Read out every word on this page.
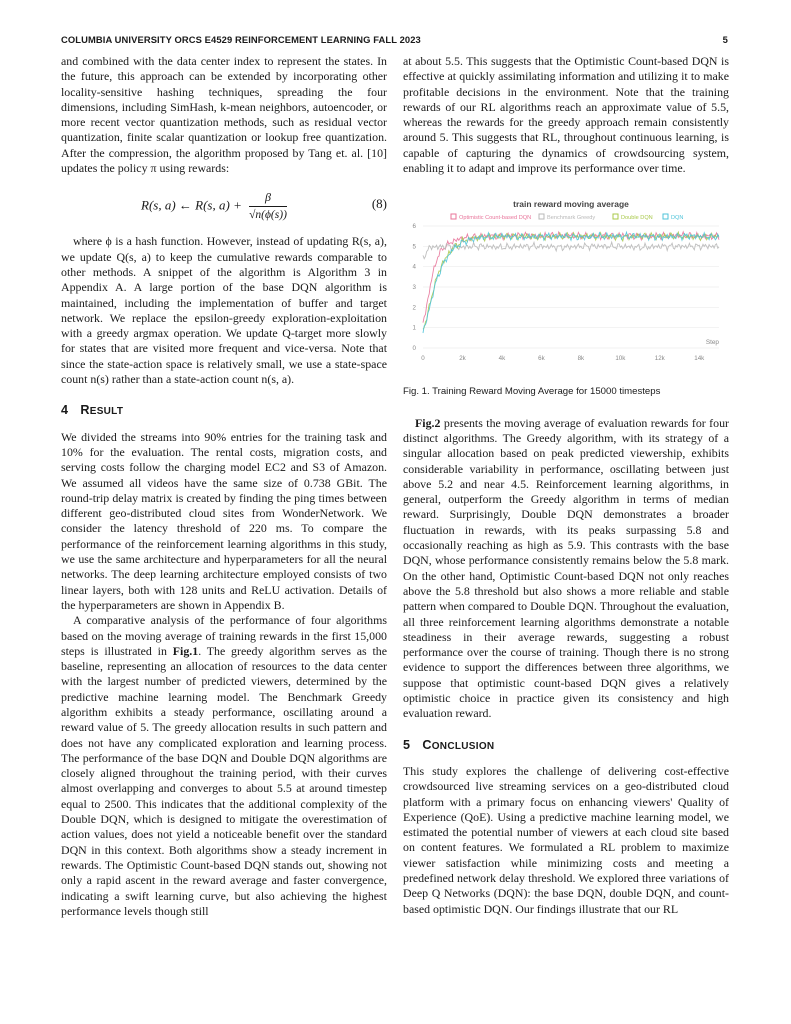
COLUMBIA UNIVERSITY ORCS E4529 REINFORCEMENT LEARNING FALL 2023	5

and combined with the data center index to represent the states. In the future, this approach can be extended by incorporating other locality-sensitive hashing techniques, spreading the four dimensions, including SimHash, k-mean neighbors, autoencoder, or more recent vector quantization methods, such as residual vector quantization, finite scalar quantization or lookup free quantization. After the compression, the algorithm proposed by Tang et. al. [10] updates the policy π using rewards:

R(s, a) ← R(s, $a) + \frac{\beta}{√n(\phi(s))}$	(8)

where ϕ is a hash function. However, instead of updating R(s, a), we update Q(s, a) to keep the cumulative rewards comparable to other methods. A snippet of the algorithm is Algorithm 3 in Appendix A. A large portion of the base DQN algorithm is maintained, including the implementation of buffer and target network. We replace the epsilon-greedy exploration-exploitation with a greedy argmax operation. We update Q-target more slowly for states that are visited more frequent and vice-versa. Note that since the state-action space is relatively small, we use a state-space count n(s) rather than a state-action count n(s, a).

4 RESULT

We divided the streams into 90% entries for the training task and 10% for the evaluation. The rental costs, migration costs, and serving costs follow the charging model EC2 and S3 of Amazon. We assumed all videos have the same size of 0.738 GBit. The round-trip delay matrix is created by finding the ping times between different geo-distributed cloud sites from WonderNetwork. We consider the latency threshold of 220 ms. To compare the performance of the reinforcement learning algorithms in this study, we use the same architecture and hyperparameters for all the neural networks. The deep learning architecture employed consists of two linear layers, both with 128 units and ReLU activation. Details of the hyperparameters are shown in Appendix B.

A comparative analysis of the performance of four algorithms based on the moving average of training rewards in the first 15,000 steps is illustrated in Fig.1. The greedy algorithm serves as the baseline, representing an allocation of resources to the data center with the largest number of predicted viewers, determined by the predictive machine learning model. The Benchmark Greedy algorithm exhibits a steady performance, oscillating around a reward value of 5. The greedy allocation results in such pattern and does not have any complicated exploration and learning process. The performance of the base DQN and Double DQN algorithms are closely aligned throughout the training period, with their curves almost overlapping and converges to about 5.5 at around timestep equal to 2500. This indicates that the additional complexity of the Double DQN, which is designed to mitigate the overestimation of action values, does not yield a noticeable benefit over the standard DQN in this context. Both algorithms show a steady increment in rewards. The Optimistic Count-based DQN stands out, showing not only a rapid ascent in the reward average and faster convergence, indicating a swift learning curve, but also achieving the highest performance levels though still

at about 5.5. This suggests that the Optimistic Count-based DQN is effective at quickly assimilating information and utilizing it to make profitable decisions in the environment. Note that the training rewards of our RL algorithms reach an approximate value of 5.5, whereas the rewards for the greedy approach remain consistently around 5. This suggests that RL, throughout continuous learning, is capable of capturing the dynamics of crowdsourcing system, enabling it to adapt and improve its performance over time.

train reward moving average
Optimistic Count-based DQN	Benchmark Greedy	Double DQN	DQN
0
1
2
3
4
5
6
0	2k	4k	6k	8k	10k	12k	14k
Step
Fig. 1. Training Reward Moving Average for 15000 timesteps

Fig.2 presents the moving average of evaluation rewards for four distinct algorithms. The Greedy algorithm, with its strategy of a singular allocation based on peak predicted viewership, exhibits considerable variability in performance, oscillating between just above 5.2 and near 4.5. Reinforcement learning algorithms, in general, outperform the Greedy algorithm in terms of median reward. Surprisingly, Double DQN demonstrates a broader fluctuation in rewards, with its peaks surpassing 5.8 and occasionally reaching as high as 5.9. This contrasts with the base DQN, whose performance consistently remains below the 5.8 mark. On the other hand, Optimistic Count-based DQN not only reaches above the 5.8 threshold but also shows a more reliable and stable pattern when compared to Double DQN. Throughout the evaluation, all three reinforcement learning algorithms demonstrate a notable steadiness in their average rewards, suggesting a robust performance over the course of training. Though there is no strong evidence to support the differences between three algorithms, we suppose that optimistic count-based DQN gives a relatively optimistic choice in practice given its consistency and high evaluation reward.

5 CONCLUSION

This study explores the challenge of delivering cost-effective crowdsourced live streaming services on a geo-distributed cloud platform with a primary focus on enhancing viewers' Quality of Experience (QoE). Using a predictive machine learning model, we estimated the potential number of viewers at each cloud site based on content features. We formulated a RL problem to maximize viewer satisfaction while minimizing costs and meeting a predefined network delay threshold. We explored three variations of Deep Q Networks (DQN): the base DQN, double DQN, and count-based optimistic DQN. Our findings illustrate that our RL
